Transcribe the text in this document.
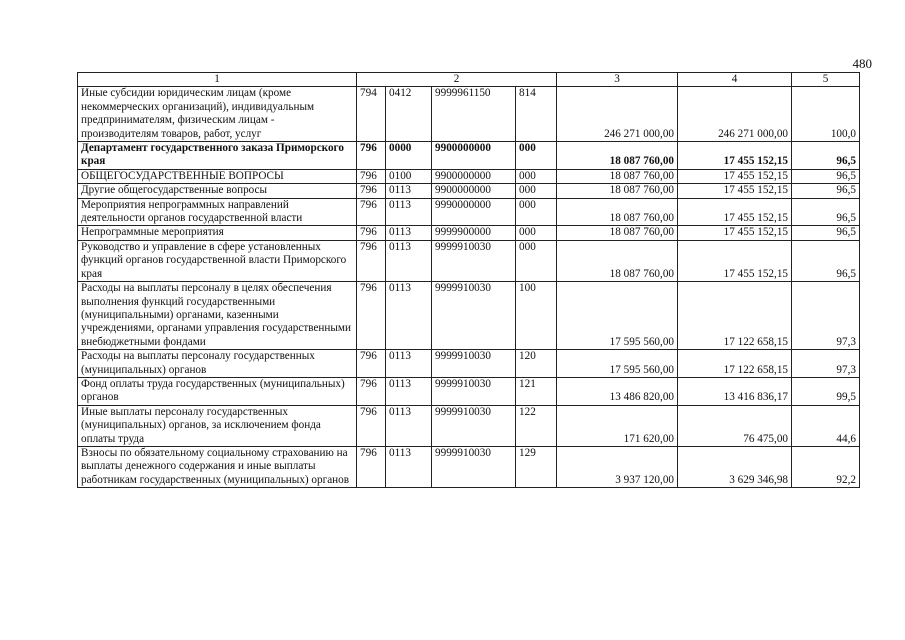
480
1	2				3	4	5
Иные субсидии юридическим лицам (кроме некоммерческих организаций), индивидуальным предпринимателям, физическим лицам - производителям товаров, работ, услуг	794	0412	9999961150	814	246 271 000,00	246 271 000,00	100,0
Департамент государственного заказа Приморского края	796	0000	9900000000	000	18 087 760,00	17 455 152,15	96,5
ОБЩЕГОСУДАРСТВЕННЫЕ ВОПРОСЫ	796	0100	9900000000	000	18 087 760,00	17 455 152,15	96,5
Другие общегосударственные вопросы	796	0113	9900000000	000	18 087 760,00	17 455 152,15	96,5
Мероприятия непрограммных направлений деятельности органов государственной власти	796	0113	9990000000	000	18 087 760,00	17 455 152,15	96,5
Непрограммные мероприятия	796	0113	9999900000	000	18 087 760,00	17 455 152,15	96,5
Руководство и управление в сфере установленных функций органов государственной власти Приморского края	796	0113	9999910030	000	18 087 760,00	17 455 152,15	96,5
Расходы на выплаты персоналу в целях обеспечения выполнения функций государственными (муниципальными) органами, казенными учреждениями, органами управления государственными внебюджетными фондами	796	0113	9999910030	100	17 595 560,00	17 122 658,15	97,3
Расходы на выплаты персоналу государственных (муниципальных) органов	796	0113	9999910030	120	17 595 560,00	17 122 658,15	97,3
Фонд оплаты труда государственных (муниципальных) органов	796	0113	9999910030	121	13 486 820,00	13 416 836,17	99,5
Иные выплаты персоналу государственных (муниципальных) органов, за исключением фонда оплаты труда	796	0113	9999910030	122	171 620,00	76 475,00	44,6
Взносы по обязательному социальному страхованию на выплаты денежного содержания и иные выплаты работникам государственных (муниципальных) органов	796	0113	9999910030	129	3 937 120,00	3 629 346,98	92,2
